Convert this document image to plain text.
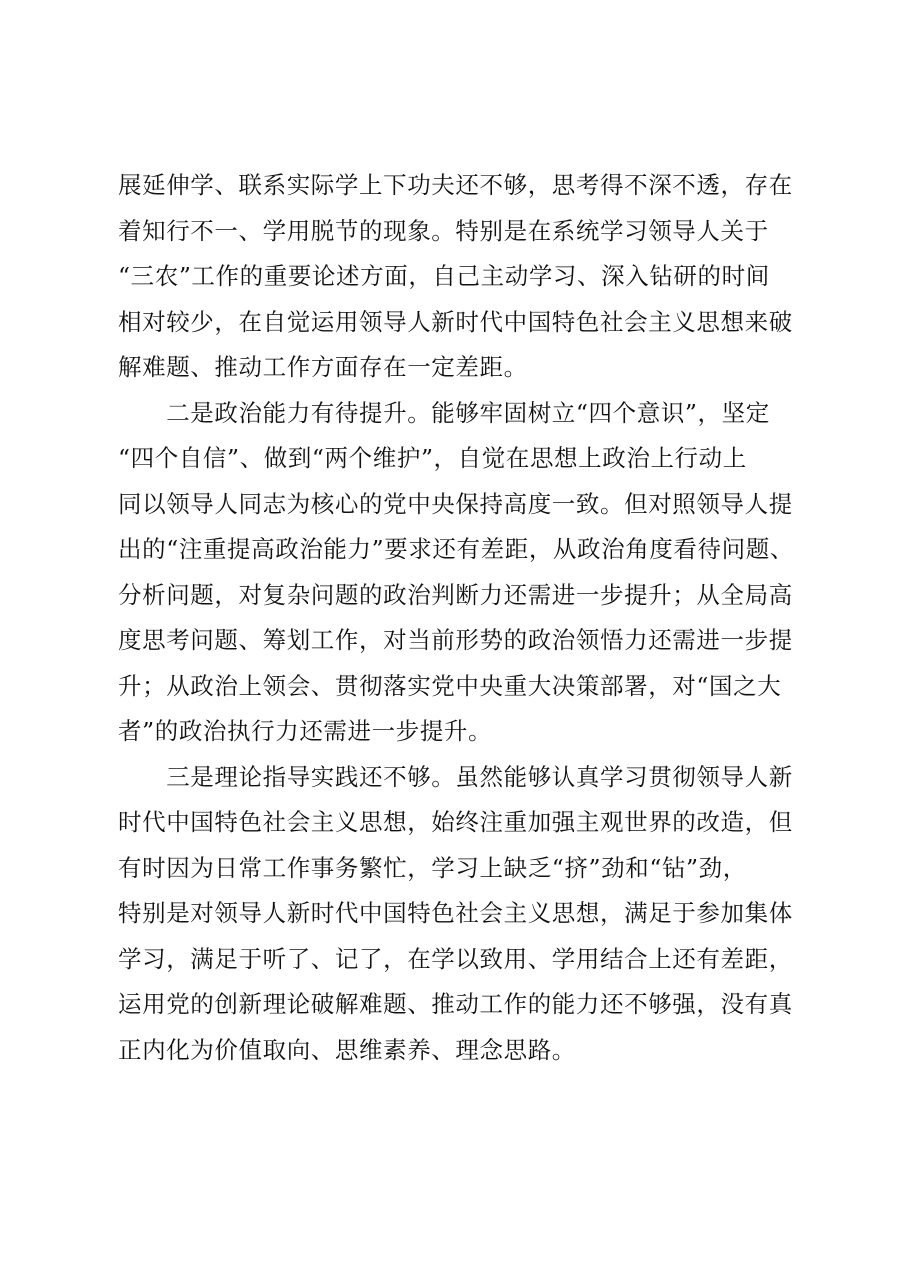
展延伸学、联系实际学上下功夫还不够，思考得不深不透，存在
着知行不一、学用脱节的现象。特别是在系统学习领导人关于
“三农”工作的重要论述方面，自己主动学习、深入钻研的时间
相对较少，在自觉运用领导人新时代中国特色社会主义思想来破
解难题、推动工作方面存在一定差距。
　　二是政治能力有待提升。能够牢固树立“四个意识”，坚定
“四个自信”、做到“两个维护”，自觉在思想上政治上行动上
同以领导人同志为核心的党中央保持高度一致。但对照领导人提
出的“注重提高政治能力”要求还有差距，从政治角度看待问题、
分析问题，对复杂问题的政治判断力还需进一步提升；从全局高
度思考问题、筹划工作，对当前形势的政治领悟力还需进一步提
升；从政治上领会、贯彻落实党中央重大决策部署，对“国之大
者”的政治执行力还需进一步提升。
　　三是理论指导实践还不够。虽然能够认真学习贯彻领导人新
时代中国特色社会主义思想，始终注重加强主观世界的改造，但
有时因为日常工作事务繁忙，学习上缺乏“挤”劲和“钻”劲，
特别是对领导人新时代中国特色社会主义思想，满足于参加集体
学习，满足于听了、记了，在学以致用、学用结合上还有差距，
运用党的创新理论破解难题、推动工作的能力还不够强，没有真
正内化为价值取向、思维素养、理念思路。
